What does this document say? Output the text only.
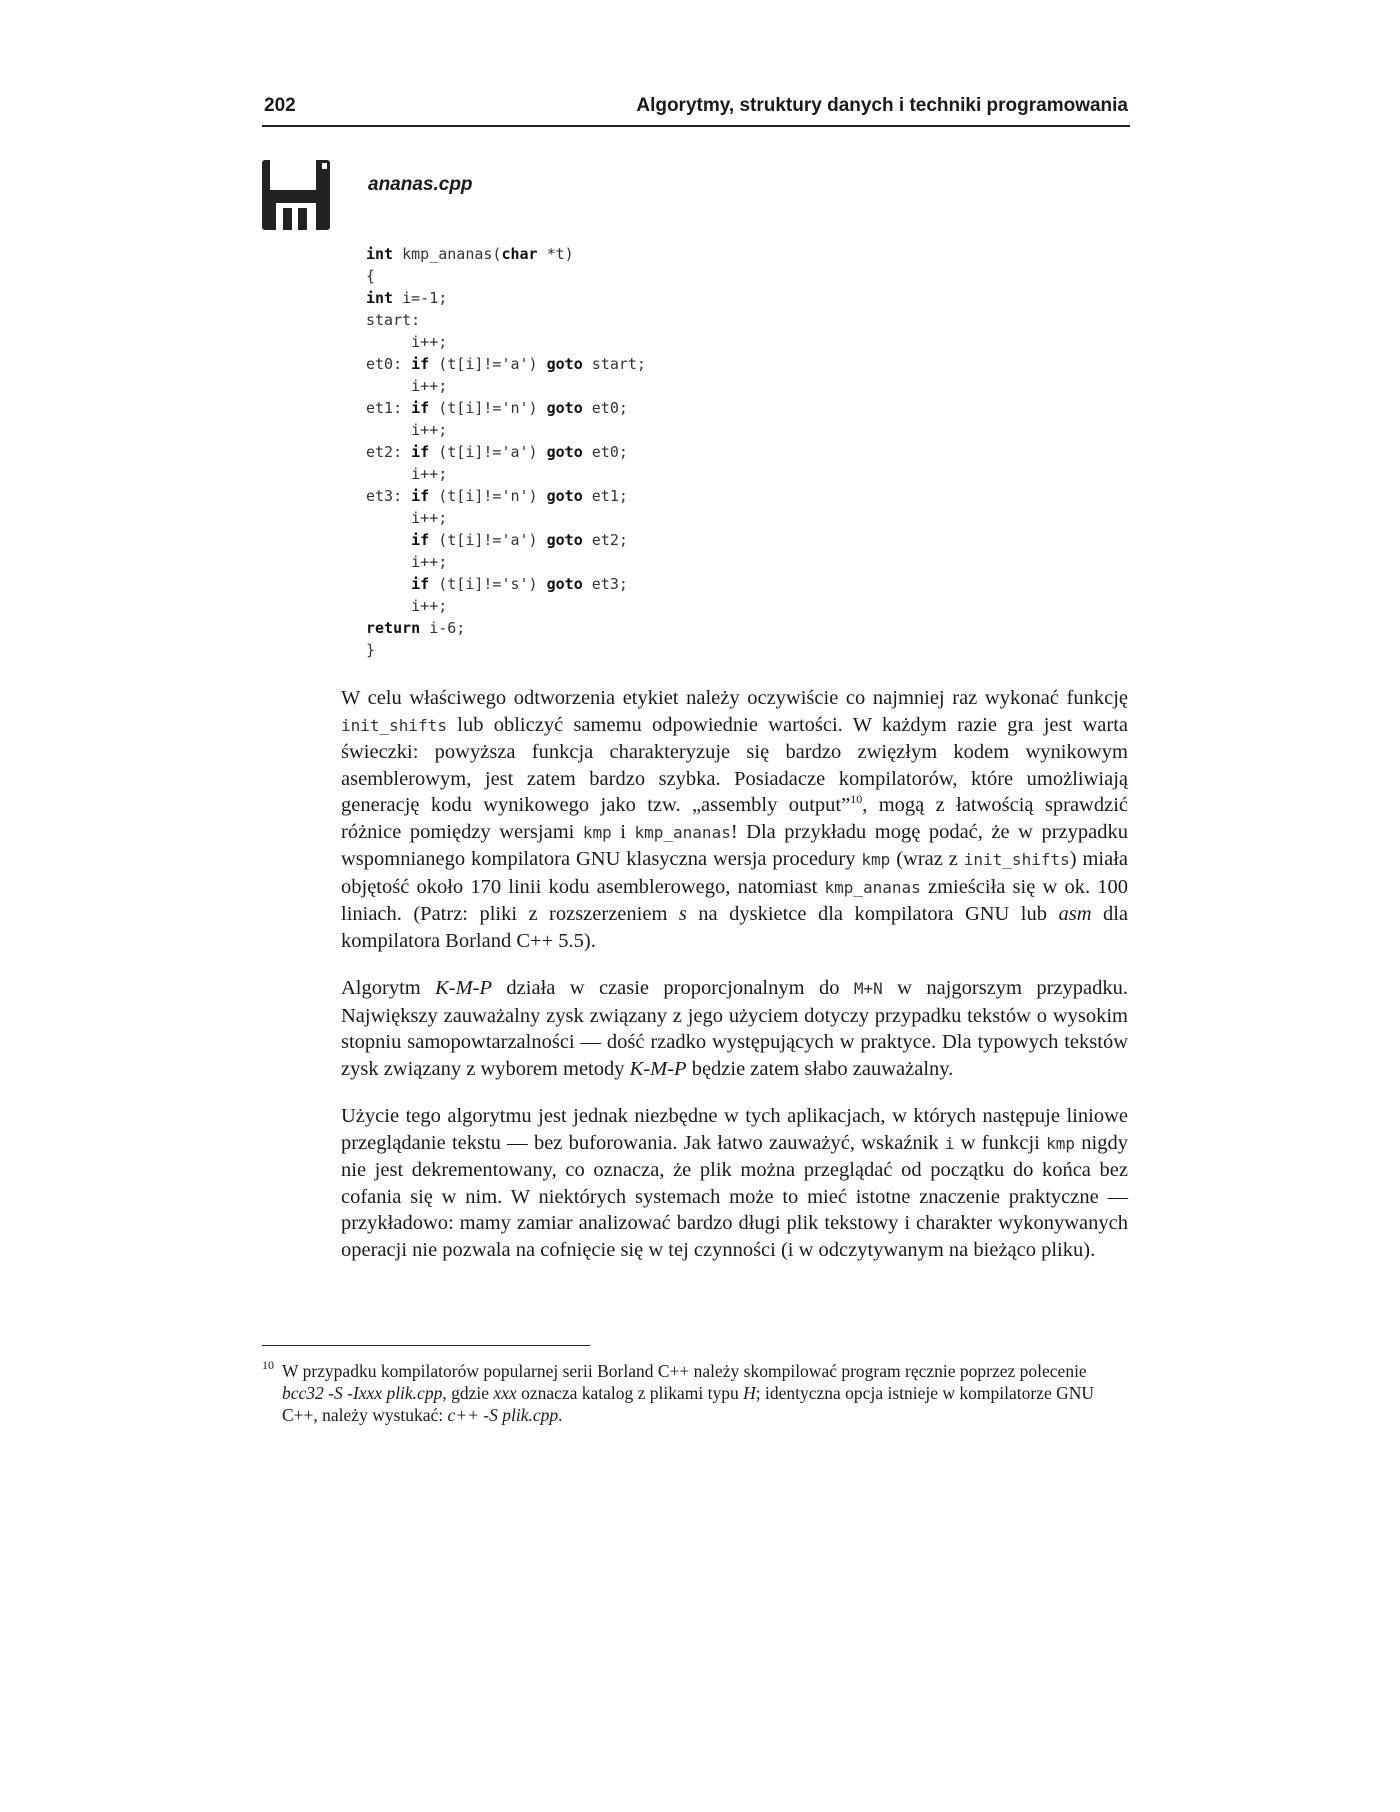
202	Algorytmy, struktury danych i techniki programowania
ananas.cpp
int kmp_ananas(char *t)
{
int i=-1;
start:
i++;
et0: if (t[i]!='a') goto start;
i++;
et1: if (t[i]!='n') goto et0;
i++;
et2: if (t[i]!='a') goto et0;
i++;
et3: if (t[i]!='n') goto et1;
i++;
if (t[i]!='a') goto et2;
i++;
if (t[i]!='s') goto et3;
i++;
return i-6;
}

W celu właściwego odtworzenia etykiet należy oczywiście co najmniej raz wykonać funkcję init_shifts lub obliczyć samemu odpowiednie wartości. W każdym razie gra jest warta świeczki: powyższa funkcja charakteryzuje się bardzo zwięzłym kodem wynikowym asemblerowym, jest zatem bardzo szybka. Posiadacze kompilatorów, które umożliwiają generację kodu wynikowego jako tzw. „assembly output”$^{10}$, mogą z łatwością sprawdzić różnice pomiędzy wersjami kmp i kmp_ananas! Dla przykładu mogę podać, że w przypadku wspomnianego kompilatora GNU klasyczna wersja procedury kmp (wraz z init_shifts) miała objętość około 170 linii kodu asemblerowego, natomiast kmp_ananas zmieściła się w ok. 100 liniach. (Patrz: pliki z rozszerzeniem s na dyskietce dla kompilatora GNU lub asm dla kompilatora Borland C++ 5.5).

Algorytm K-M-P działa w czasie proporcjonalnym do M+N w najgorszym przypadku. Największy zauważalny zysk związany z jego użyciem dotyczy przypadku tekstów o wysokim stopniu samopowtarzalności — dość rzadko występujących w praktyce. Dla typowych tekstów zysk związany z wyborem metody K-M-P będzie zatem słabo zauważalny.

Użycie tego algorytmu jest jednak niezbędne w tych aplikacjach, w których następuje liniowe przeglądanie tekstu — bez buforowania. Jak łatwo zauważyć, wskaźnik i w funkcji kmp nigdy nie jest dekrementowany, co oznacza, że plik można przeglądać od początku do końca bez cofania się w nim. W niektórych systemach może to mieć istotne znaczenie praktyczne — przykładowo: mamy zamiar analizować bardzo długi plik tekstowy i charakter wykonywanych operacji nie pozwala na cofnięcie się w tej czynności (i w odczytywanym na bieżąco pliku).

10 W przypadku kompilatorów popularnej serii Borland C++ należy skompilować program ręcznie poprzez polecenie bcc32 -S -Ixxx plik.cpp, gdzie xxx oznacza katalog z plikami typu H; identyczna opcja istnieje w kompilatorze GNU C++, należy wystukać: c++ -S plik.cpp.
